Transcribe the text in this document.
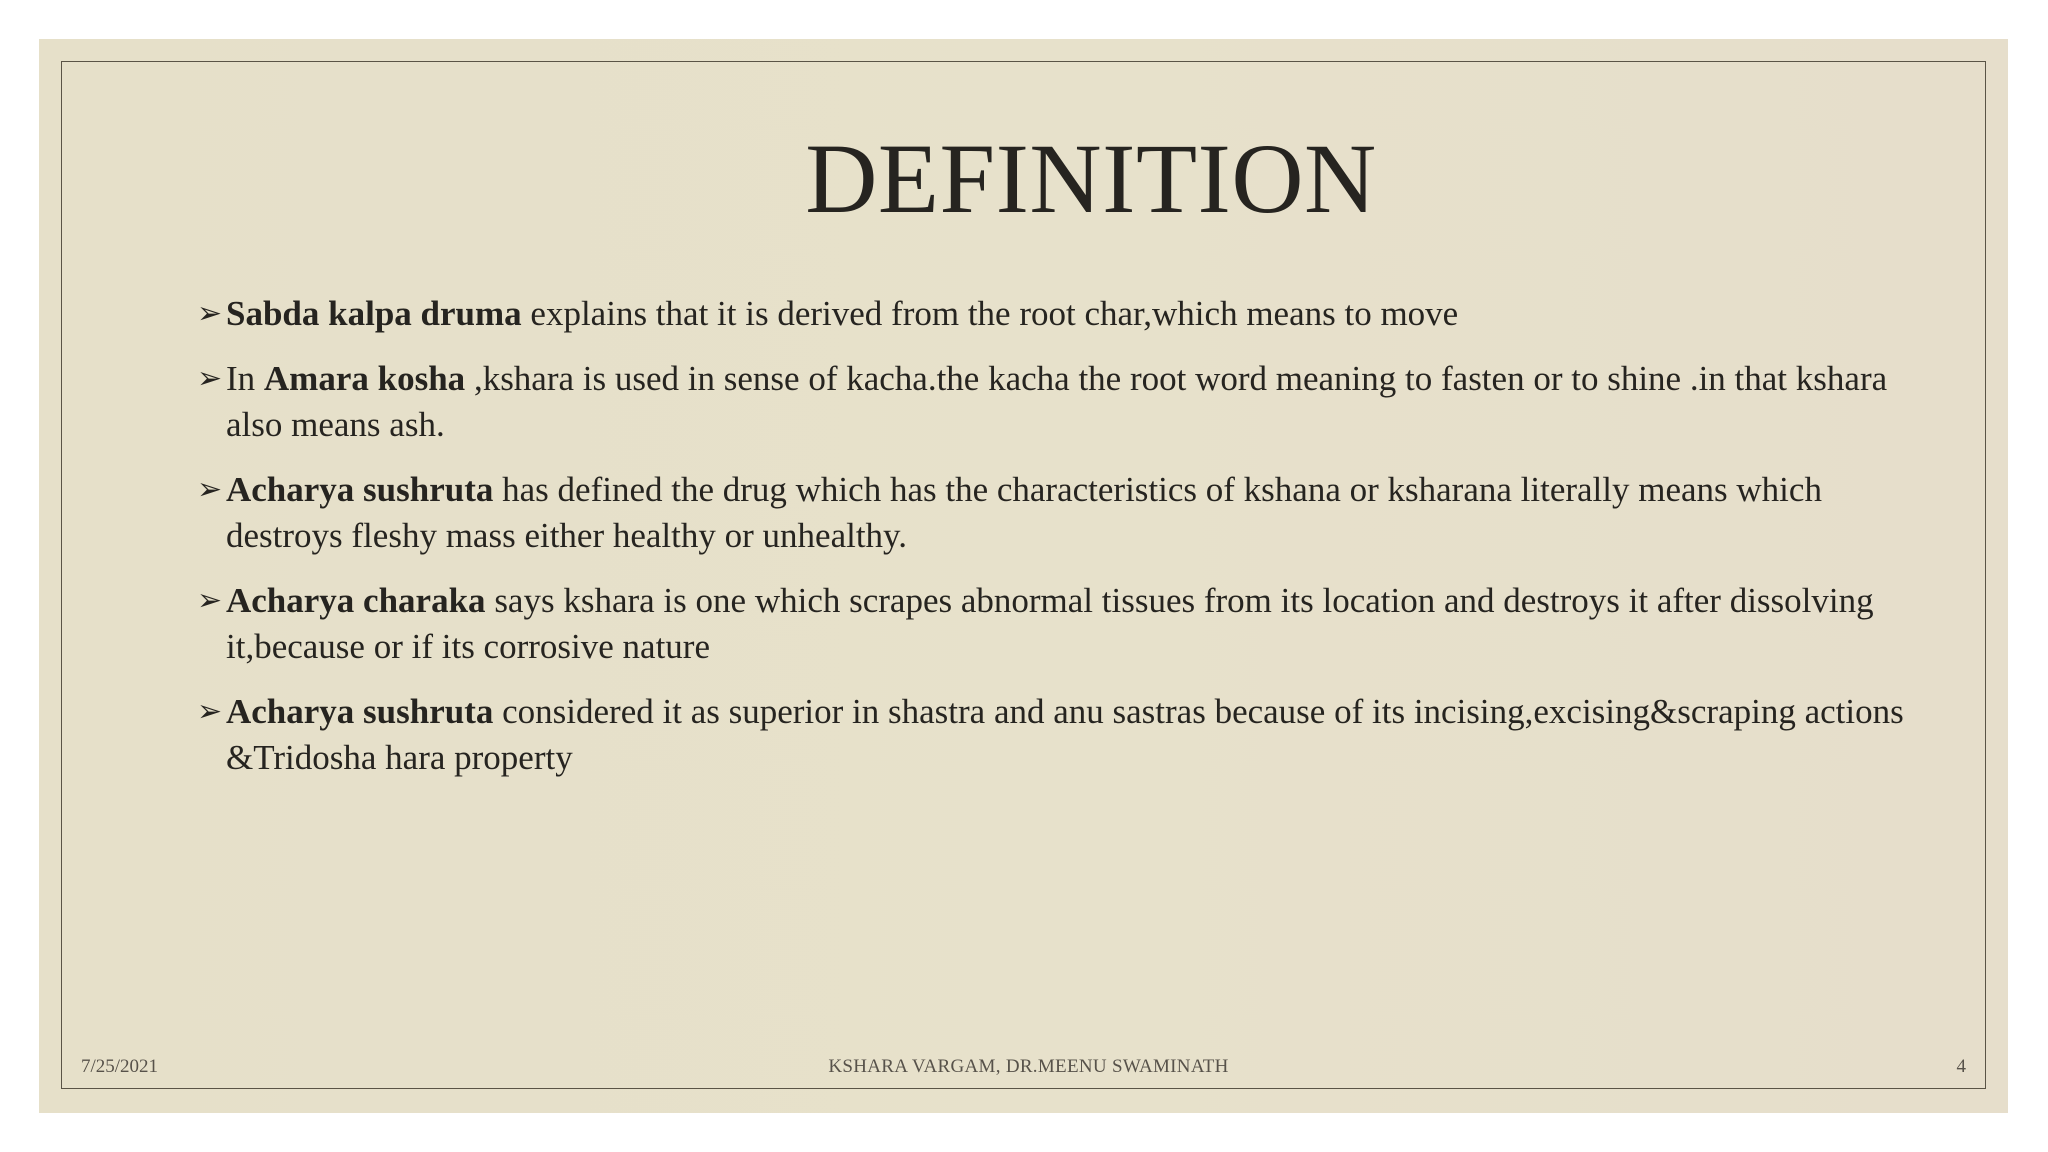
DEFINITION
➢ Sabda kalpa druma explains that it is derived from the root char,which means to move
➢ In Amara kosha ,kshara is used in sense of kacha.the kacha the root word meaning to fasten or to shine .in that kshara also means ash.
➢ Acharya sushruta has defined the drug which has the characteristics of kshana or ksharana literally means which destroys fleshy mass either healthy or unhealthy.
➢ Acharya charaka says kshara is one which scrapes abnormal tissues from its location and destroys it after dissolving it,because or if its corrosive nature
➢ Acharya sushruta considered it as superior in shastra and anu sastras because of its incising,excising&scraping actions &Tridosha hara property
7/25/2021	KSHARA VARGAM, DR.MEENU SWAMINATH	4
